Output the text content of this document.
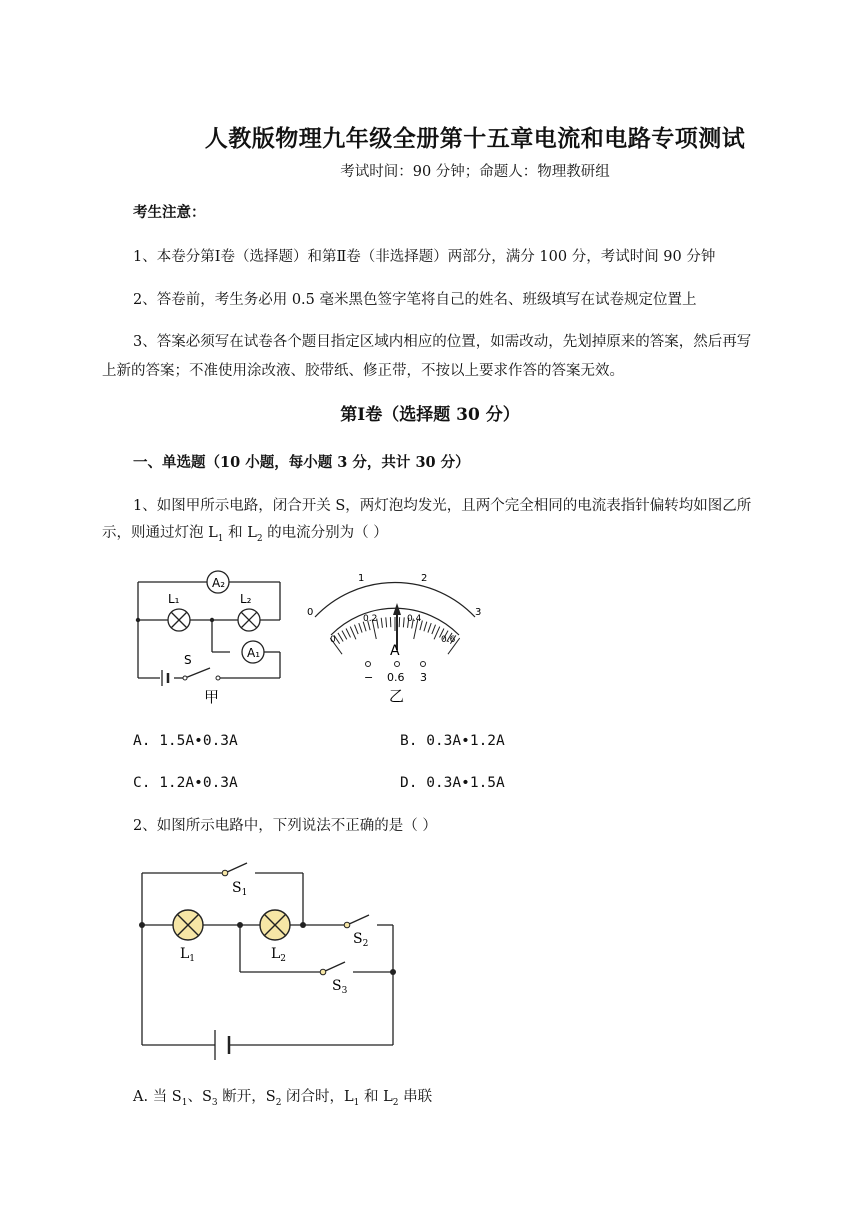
人教版物理九年级全册第十五章电流和电路专项测试
考试时间：90 分钟；命题人：物理教研组
考生注意：
1、本卷分第Ⅰ卷（选择题）和第Ⅱ卷（非选择题）两部分，满分 100 分，考试时间 90 分钟
2、答卷前，考生务必用 0.5 毫米黑色签字笔将自己的姓名、班级填写在试卷规定位置上
3、答案必须写在试卷各个题目指定区域内相应的位置，如需改动，先划掉原来的答案，然后再写
上新的答案；不准使用涂改液、胶带纸、修正带，不按以上要求作答的答案无效。
第Ⅰ卷（选择题 30 分）
一、单选题（10 小题，每小题 3 分，共计 30 分）
1、如图甲所示电路，闭合开关 S，两灯泡均发光，且两个完全相同的电流表指针偏转均如图乙所
示，则通过灯泡 $L_1$ 和 $L_2$ 的电流分别为（ ）
A₂
L₁	L₂
A₁
S
甲
0
1	2
3
0
0.2	0.4
0.6
A
− 0.6 3
乙
A. 1.5A•0.3A	B. 0.3A•1.2A
C. 1.2A•0.3A	D. 0.3A•1.5A
2、如图所示电路中，下列说法不正确的是（ ）
$S_1$
$S_2$
$S_3$
$L_1$	$L_2$
A. 当 $S_1$、$S_3$ 断开，$S_2$ 闭合时，$L_1$ 和 $L_2$ 串联
